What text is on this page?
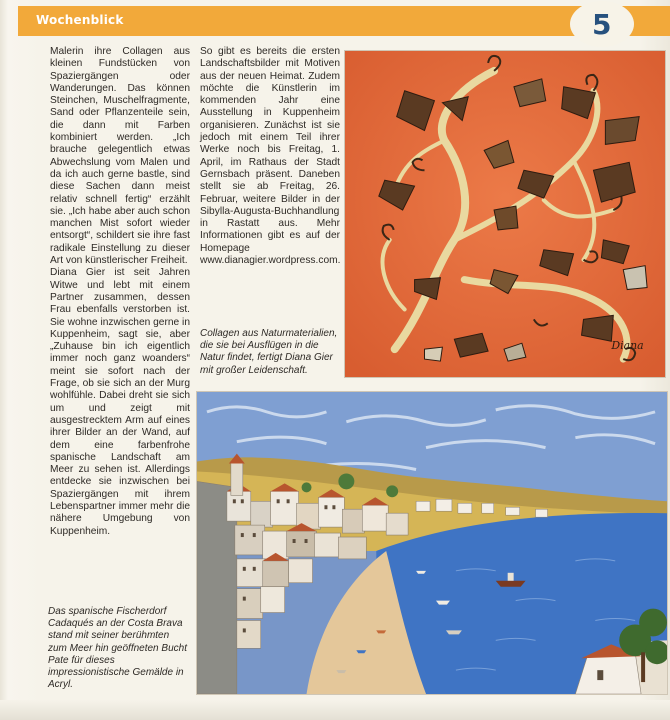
Wochenblick	5

Malerin ihre Collagen aus kleinen Fundstücken von Spaziergängen oder Wanderungen. Das können Steinchen, Muschelfragmente, Sand oder Pflanzenteile sein, die dann mit Farben kombiniert werden. „Ich brauche gelegentlich etwas Abwechslung vom Malen und da ich auch gerne bastle, sind diese Sachen dann meist relativ schnell fertig“ erzählt sie. „Ich habe aber auch schon manchen Mist sofort wieder entsorgt“, schildert sie ihre fast radikale Einstellung zu dieser Art von künstlerischer Freiheit.

Diana Gier ist seit Jahren Witwe und lebt mit einem Partner zusammen, dessen Frau ebenfalls verstorben ist. Sie wohne inzwischen gerne in Kuppenheim, sagt sie, aber „Zuhause bin ich eigentlich immer noch ganz woanders“ meint sie sofort nach der Frage, ob sie sich an der Murg wohlfühle. Dabei dreht sie sich um und zeigt mit ausgestrecktem Arm auf eines ihrer Bilder an der Wand, auf dem eine farbenfrohe spanische Landschaft am Meer zu sehen ist. Allerdings entdecke sie inzwischen bei Spaziergängen mit ihrem Lebenspartner immer mehr die nähere Umgebung von Kuppenheim.

So gibt es bereits die ersten Landschaftsbilder mit Motiven aus der neuen Heimat. Zudem möchte die Künstlerin im kommenden Jahr eine Ausstellung in Kuppenheim organisieren. Zunächst ist sie jedoch mit einem Teil ihrer Werke noch bis Freitag, 1. April, im Rathaus der Stadt Gernsbach präsent. Daneben stellt sie ab Freitag, 26. Februar, weitere Bilder in der Sibylla-Augusta-Buchhandlung in Rastatt aus. Mehr Informationen gibt es auf der Homepage www.dianagier.wordpress.com.

Collagen aus Naturmaterialien, die sie bei Ausflügen in die Natur findet, fertigt Diana Gier mit großer Leidenschaft.
Das spanische Fischerdorf Cadaqués an der Costa Brava stand mit seiner berühmten zum Meer hin geöffneten Bucht Pate für dieses impressionistische Gemälde in Acryl.
Diana
